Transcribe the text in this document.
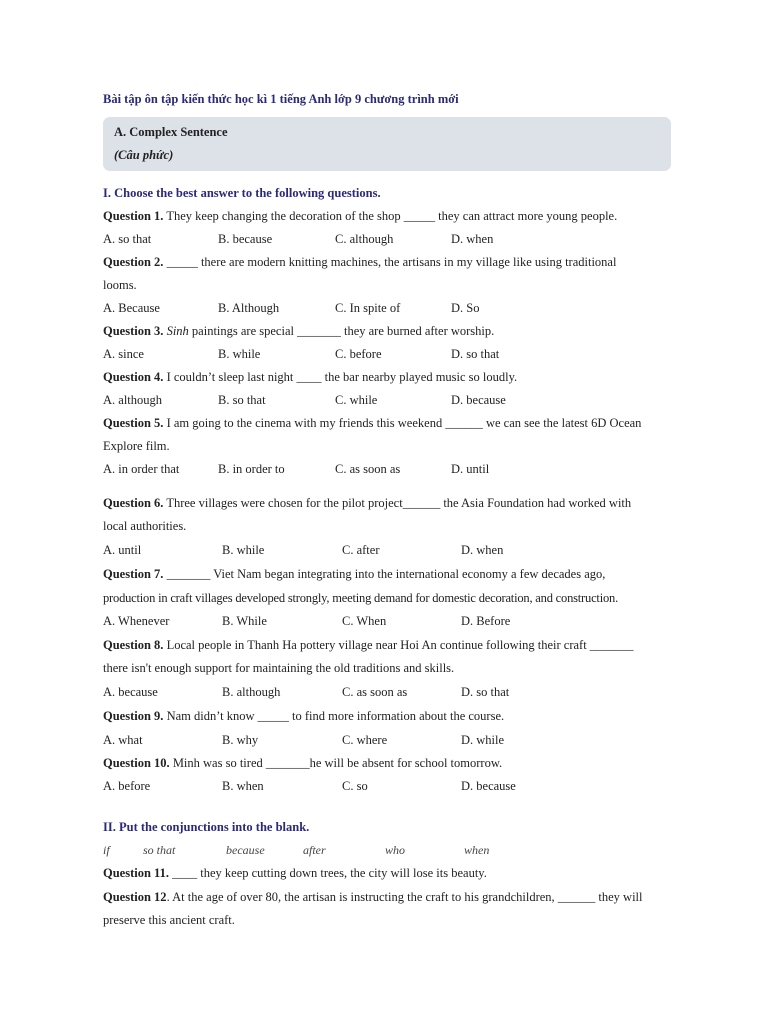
Bài tập ôn tập kiến thức học kì 1 tiếng Anh lớp 9 chương trình mới
A. Complex Sentence
(Câu phức)
I. Choose the best answer to the following questions.
Question 1. They keep changing the decoration of the shop _____ they can attract more young people.
A. so that	B. because	C. although	D. when
Question 2. _____ there are modern knitting machines, the artisans in my village like using traditional
looms.
A. Because	B. Although	C. In spite of	D. So
Question 3. Sinh paintings are special _______ they are burned after worship.
A. since	B. while	C. before	D. so that
Question 4. I couldn’t sleep last night ____ the bar nearby played music so loudly.
A. although	B. so that	C. while	D. because
Question 5. I am going to the cinema with my friends this weekend ______ we can see the latest 6D Ocean
Explore film.
A. in order that	B. in order to	C. as soon as	D. until
Question 6. Three villages were chosen for the pilot project______ the Asia Foundation had worked with
local authorities.
A. until	B. while	C. after	D. when
Question 7. _______ Viet Nam began integrating into the international economy a few decades ago,
production in craft villages developed strongly, meeting demand for domestic decoration, and construction.
A. Whenever	B. While	C. When	D. Before
Question 8. Local people in Thanh Ha pottery village near Hoi An continue following their craft _______
there isn't enough support for maintaining the old traditions and skills.
A. because	B. although	C. as soon as	D. so that
Question 9. Nam didn’t know _____ to find more information about the course.
A. what	B. why	C. where	D. while
Question 10. Minh was so tired _______he will be absent for school tomorrow.
A. before	B. when	C. so	D. because
II. Put the conjunctions into the blank.
if	so that	because	after	who	when
Question 11. ____ they keep cutting down trees, the city will lose its beauty.
Question 12. At the age of over 80, the artisan is instructing the craft to his grandchildren, ______ they will
preserve this ancient craft.
